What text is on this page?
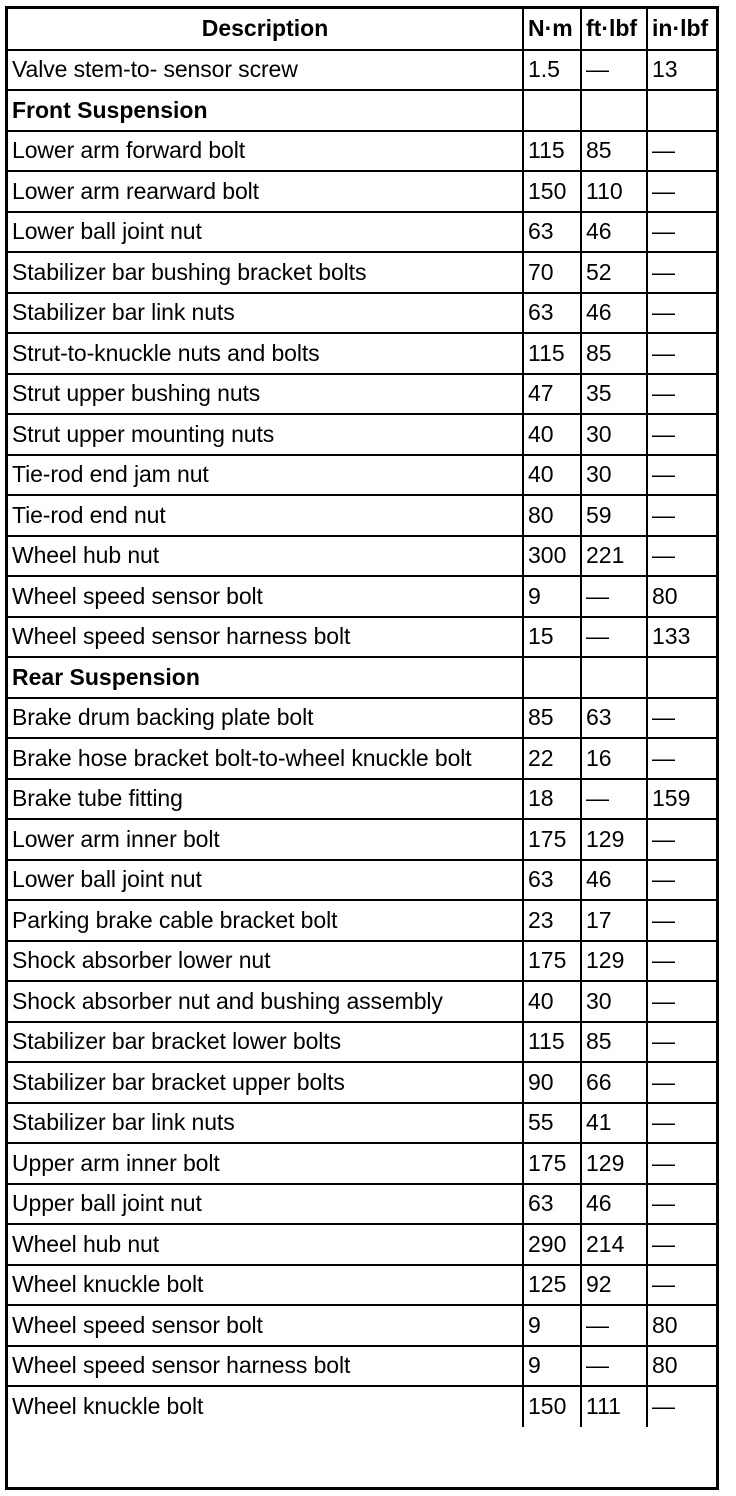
Description	N·m	ft·lbf	in·lbf
Valve stem-to- sensor screw	1.5	—	13
Front Suspension			
Lower arm forward bolt	115	85	—
Lower arm rearward bolt	150	110	—
Lower ball joint nut	63	46	—
Stabilizer bar bushing bracket bolts	70	52	—
Stabilizer bar link nuts	63	46	—
Strut-to-knuckle nuts and bolts	115	85	—
Strut upper bushing nuts	47	35	—
Strut upper mounting nuts	40	30	—
Tie-rod end jam nut	40	30	—
Tie-rod end nut	80	59	—
Wheel hub nut	300	221	—
Wheel speed sensor bolt	9	—	80
Wheel speed sensor harness bolt	15	—	133
Rear Suspension			
Brake drum backing plate bolt	85	63	—
Brake hose bracket bolt-to-wheel knuckle bolt	22	16	—
Brake tube fitting	18	—	159
Lower arm inner bolt	175	129	—
Lower ball joint nut	63	46	—
Parking brake cable bracket bolt	23	17	—
Shock absorber lower nut	175	129	—
Shock absorber nut and bushing assembly	40	30	—
Stabilizer bar bracket lower bolts	115	85	—
Stabilizer bar bracket upper bolts	90	66	—
Stabilizer bar link nuts	55	41	—
Upper arm inner bolt	175	129	—
Upper ball joint nut	63	46	—
Wheel hub nut	290	214	—
Wheel knuckle bolt	125	92	—
Wheel speed sensor bolt	9	—	80
Wheel speed sensor harness bolt	9	—	80
Wheel knuckle bolt	150	111	—
